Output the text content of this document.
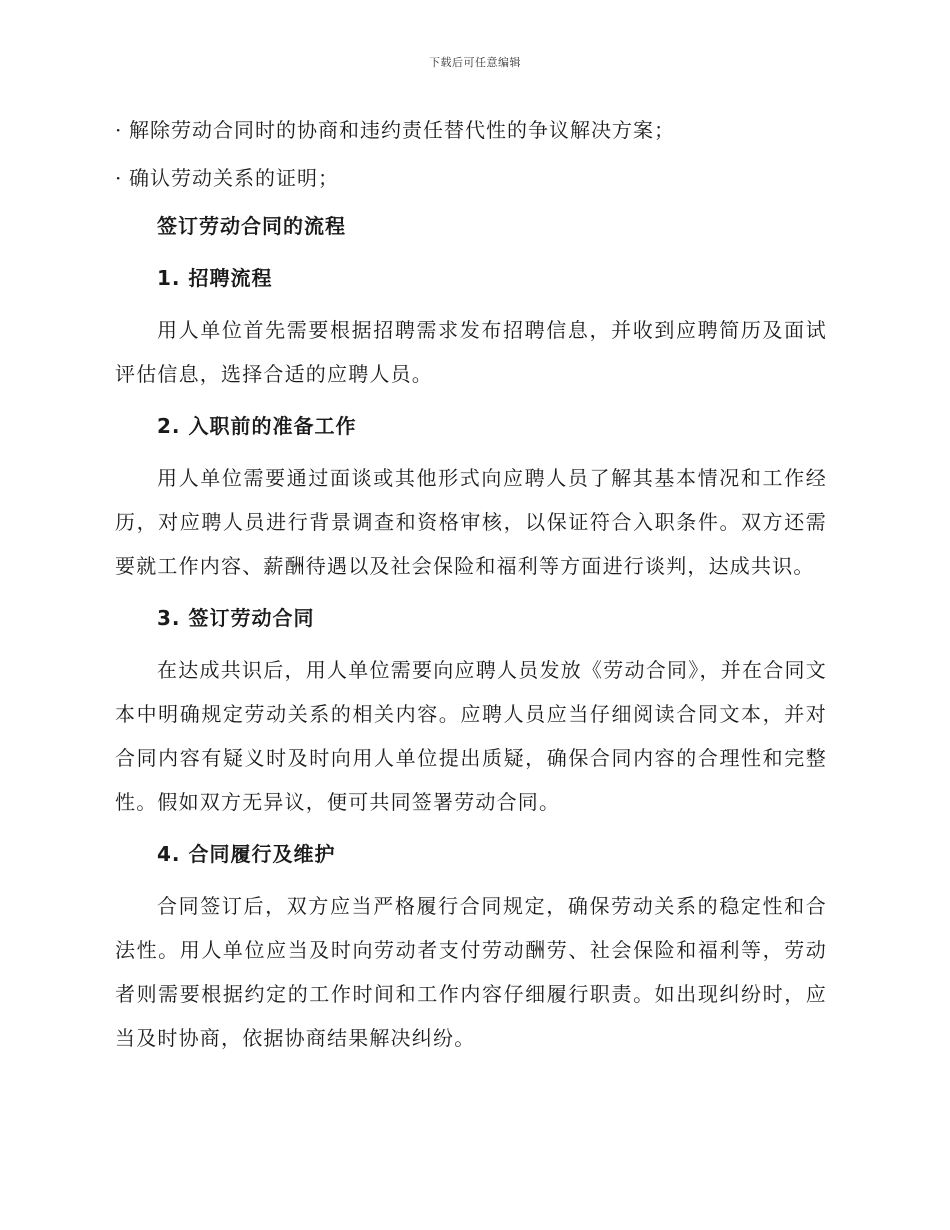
下载后可任意编辑

· 解除劳动合同时的协商和违约责任替代性的争议解决方案；

· 确认劳动关系的证明；

签订劳动合同的流程

1. 招聘流程

用人单位首先需要根据招聘需求发布招聘信息，并收到应聘简历及面试评估信息，选择合适的应聘人员。

2. 入职前的准备工作

用人单位需要通过面谈或其他形式向应聘人员了解其基本情况和工作经历，对应聘人员进行背景调查和资格审核，以保证符合入职条件。双方还需要就工作内容、薪酬待遇以及社会保险和福利等方面进行谈判，达成共识。

3. 签订劳动合同

在达成共识后，用人单位需要向应聘人员发放《劳动合同》，并在合同文本中明确规定劳动关系的相关内容。应聘人员应当仔细阅读合同文本，并对合同内容有疑义时及时向用人单位提出质疑，确保合同内容的合理性和完整性。假如双方无异议，便可共同签署劳动合同。

4. 合同履行及维护

合同签订后，双方应当严格履行合同规定，确保劳动关系的稳定性和合法性。用人单位应当及时向劳动者支付劳动酬劳、社会保险和福利等，劳动者则需要根据约定的工作时间和工作内容仔细履行职责。如出现纠纷时，应当及时协商，依据协商结果解决纠纷。
